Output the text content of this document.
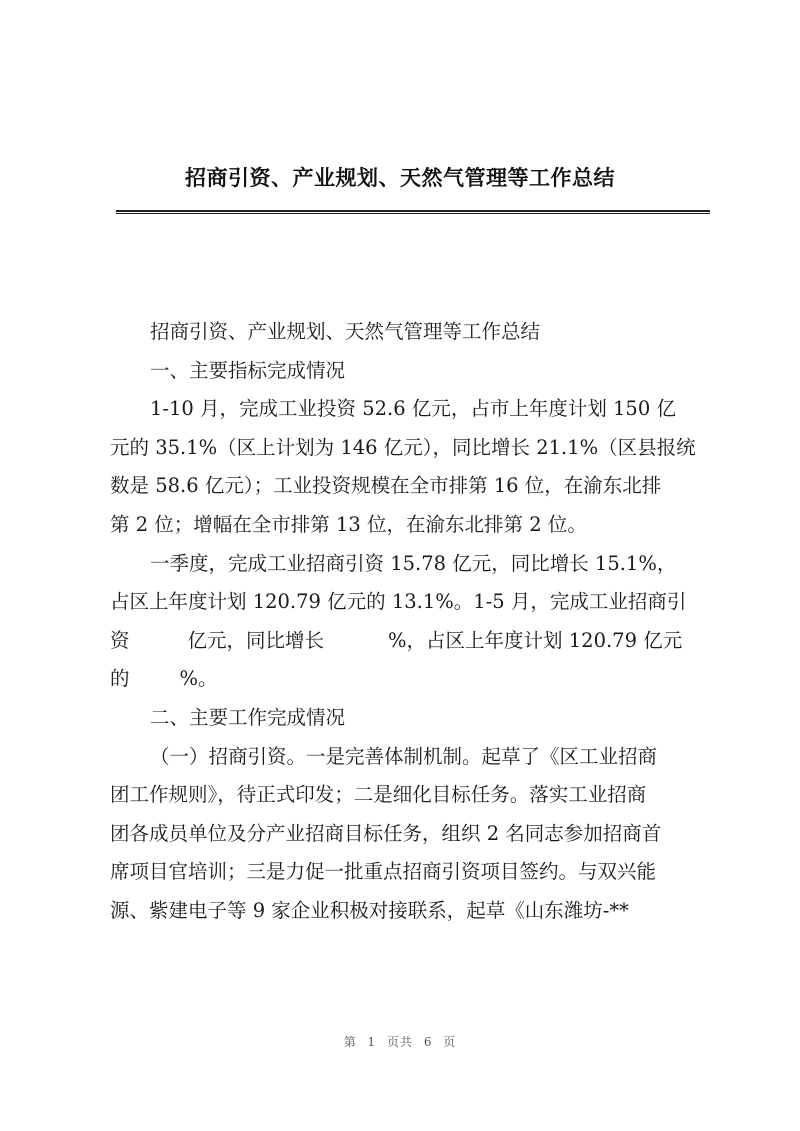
招商引资、产业规划、天然气管理等工作总结
招商引资、产业规划、天然气管理等工作总结
一、主要指标完成情况
1-10 月，完成工业投资 52.6 亿元，占市上年度计划 150 亿
元的 35.1%（区上计划为 146 亿元），同比增长 21.1%（区县报统
数是 58.6 亿元）；工业投资规模在全市排第 16 位，在渝东北排
第 2 位；增幅在全市排第 13 位，在渝东北排第 2 位。
一季度，完成工业招商引资 15.78 亿元，同比增长 15.1%，
占区上年度计划 120.79 亿元的 13.1%。1-5 月，完成工业招商引
资	亿元，同比增长	%，占区上年度计划 120.79 亿元
的	%。
二、主要工作完成情况
（一）招商引资。一是完善体制机制。起草了《区工业招商
团工作规则》，待正式印发；二是细化目标任务。落实工业招商
团各成员单位及分产业招商目标任务，组织 2 名同志参加招商首
席项目官培训；三是力促一批重点招商引资项目签约。与双兴能
源、紫建电子等 9 家企业积极对接联系，起草《山东潍坊-**
第 1 页共 6 页
